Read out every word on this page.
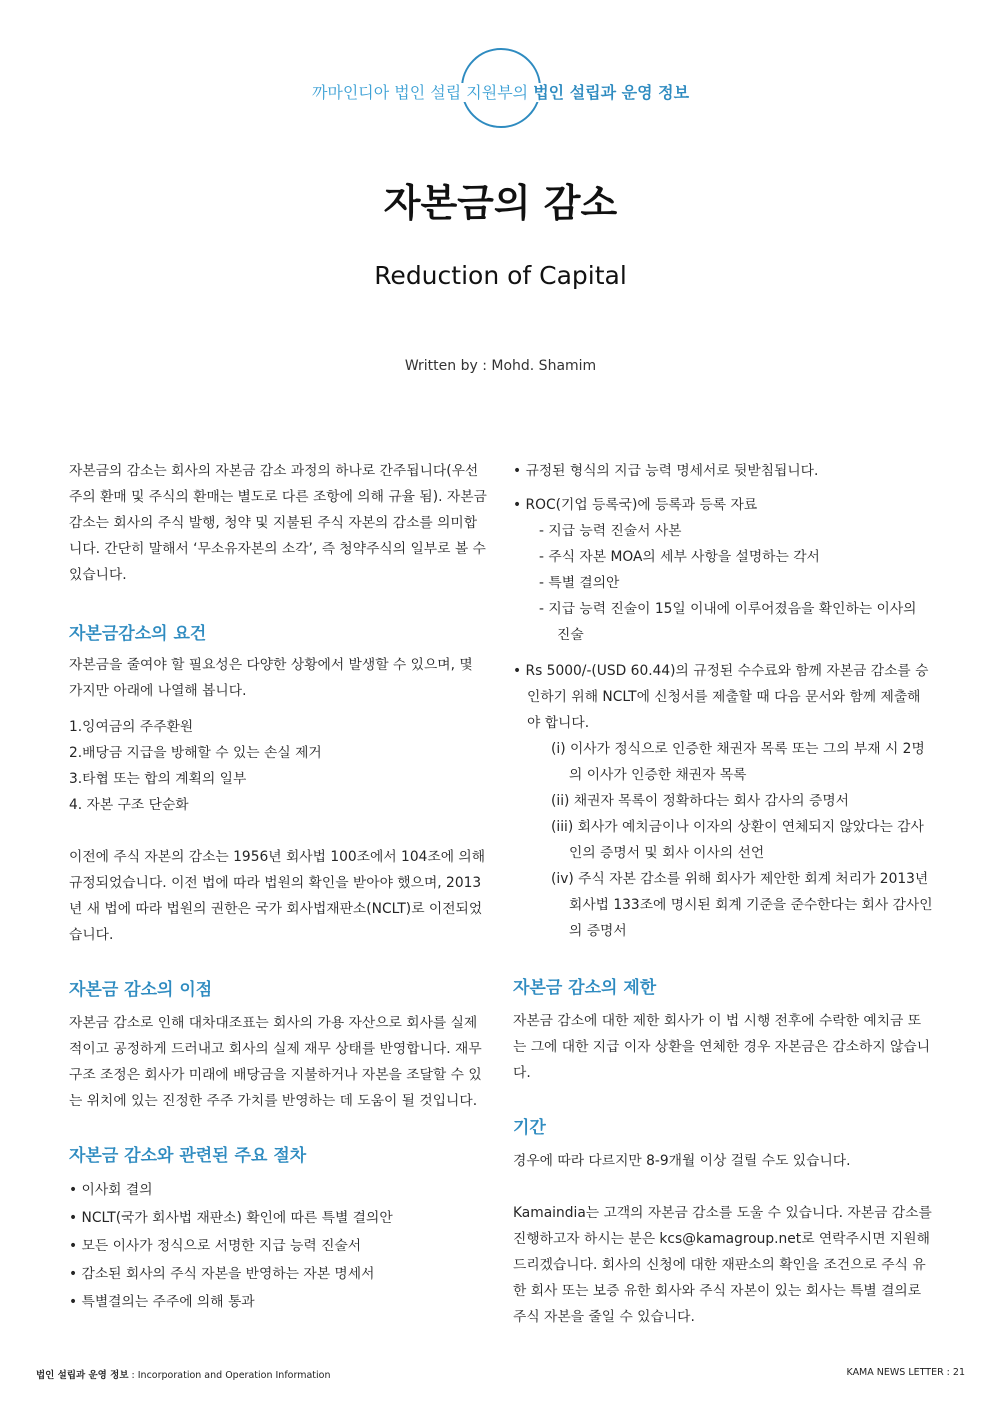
까마인디아 법인 설립 지원부의 법인 설립과 운영 정보
자본금의 감소
Reduction of Capital
Written by : Mohd. Shamim

자본금의 감소는 회사의 자본금 감소 과정의 하나로 간주됩니다(우선주의 환매 및 주식의 환매는 별도로 다른 조항에 의해 규율 됨). 자본금 감소는 회사의 주식 발행, 청약 및 지불된 주식 자본의 감소를 의미합니다. 간단히 말해서 ‘무소유자본의 소각’, 즉 청약주식의 일부로 볼 수 있습니다.

자본금감소의 요건

자본금을 줄여야 할 필요성은 다양한 상황에서 발생할 수 있으며, 몇 가지만 아래에 나열해 봅니다.

1.잉여금의 주주환원
2.배당금 지급을 방해할 수 있는 손실 제거
3.타협 또는 합의 계획의 일부
4. 자본 구조 단순화

이전에 주식 자본의 감소는 1956년 회사법 100조에서 104조에 의해 규정되었습니다. 이전 법에 따라 법원의 확인을 받아야 했으며, 2013년 새 법에 따라 법원의 권한은 국가 회사법재판소(NCLT)로 이전되었습니다.

자본금 감소의 이점

자본금 감소로 인해 대차대조표는 회사의 가용 자산으로 회사를 실제적이고 공정하게 드러내고 회사의 실제 재무 상태를 반영합니다. 재무 구조 조정은 회사가 미래에 배당금을 지불하거나 자본을 조달할 수 있는 위치에 있는 진정한 주주 가치를 반영하는 데 도움이 될 것입니다.

자본금 감소와 관련된 주요 절차
• 이사회 결의
• NCLT(국가 회사법 재판소) 확인에 따른 특별 결의안
• 모든 이사가 정식으로 서명한 지급 능력 진술서
• 감소된 회사의 주식 자본을 반영하는 자본 명세서
• 특별결의는 주주에 의해 통과

• 규정된 형식의 지급 능력 명세서로 뒷받침됩니다.

• ROC(기업 등록국)에 등록과 등록 자료

- 지급 능력 진술서 사본
- 주식 자본 MOA의 세부 사항을 설명하는 각서
- 특별 결의안
- 지급 능력 진술이 15일 이내에 이루어졌음을 확인하는 이사의 진술

• Rs 5000/-(USD 60.44)의 규정된 수수료와 함께 자본금 감소를 승인하기 위해 NCLT에 신청서를 제출할 때 다음 문서와 함께 제출해야 합니다.

(i) 이사가 정식으로 인증한 채권자 목록 또는 그의 부재 시 2명의 이사가 인증한 채권자 목록
(ii) 채권자 목록이 정확하다는 회사 감사의 증명서
(iii) 회사가 예치금이나 이자의 상환이 연체되지 않았다는 감사인의 증명서 및 회사 이사의 선언
(iv) 주식 자본 감소를 위해 회사가 제안한 회계 처리가 2013년 회사법 133조에 명시된 회계 기준을 준수한다는 회사 감사인의 증명서
자본금 감소의 제한

자본금 감소에 대한 제한 회사가 이 법 시행 전후에 수락한 예치금 또는 그에 대한 지급 이자 상환을 연체한 경우 자본금은 감소하지 않습니다.

기간

경우에 따라 다르지만 8-9개월 이상 걸릴 수도 있습니다.

Kamaindia는 고객의 자본금 감소를 도울 수 있습니다. 자본금 감소를 진행하고자 하시는 분은 kcs@kamagroup.net로 연락주시면 지원해드리겠습니다. 회사의 신청에 대한 재판소의 확인을 조건으로 주식 유한 회사 또는 보증 유한 회사와 주식 자본이 있는 회사는 특별 결의로 주식 자본을 줄일 수 있습니다.

법인 설립과 운영 정보 : Incorporation and Operation Information	KAMA NEWS LETTER : 21
